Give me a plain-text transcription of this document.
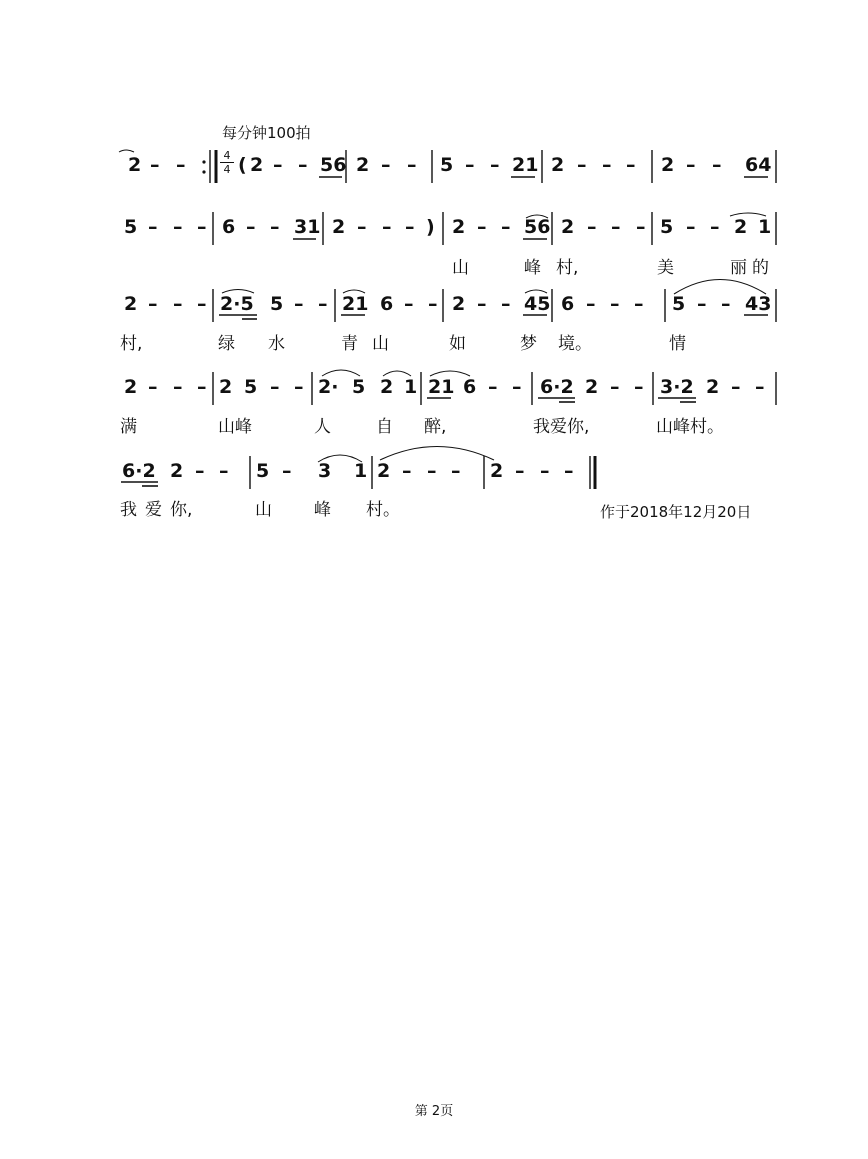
每分钟100拍
4
4
2 – –	( 2 – – 56 2 – – 5 – – 21 2 – – – 2 – – 64
5 – – – 6 – – 31 2 – – – ) 2 – – 56 2 – – – 5 – – 2 1
山	峰 村,	美	丽 的
2 – – – 2·5 5 – – 21 6 – – 2 – – 45 6 – – – 5 – – 43
村,	绿 水	青 山	如	梦 境。	情
2 – – – 2 5 – – 2· 5 2 1 21 6 – – 6·2 2 – – 3·2 2 – –
满	山峰	人	自 醉,	我爱你,	山峰村。
6·2 2 – – 5 – 3 1 2 – – – 2 – – –
我 爱 你,	山 峰 村。	作于2018年12月20日
第 2页
